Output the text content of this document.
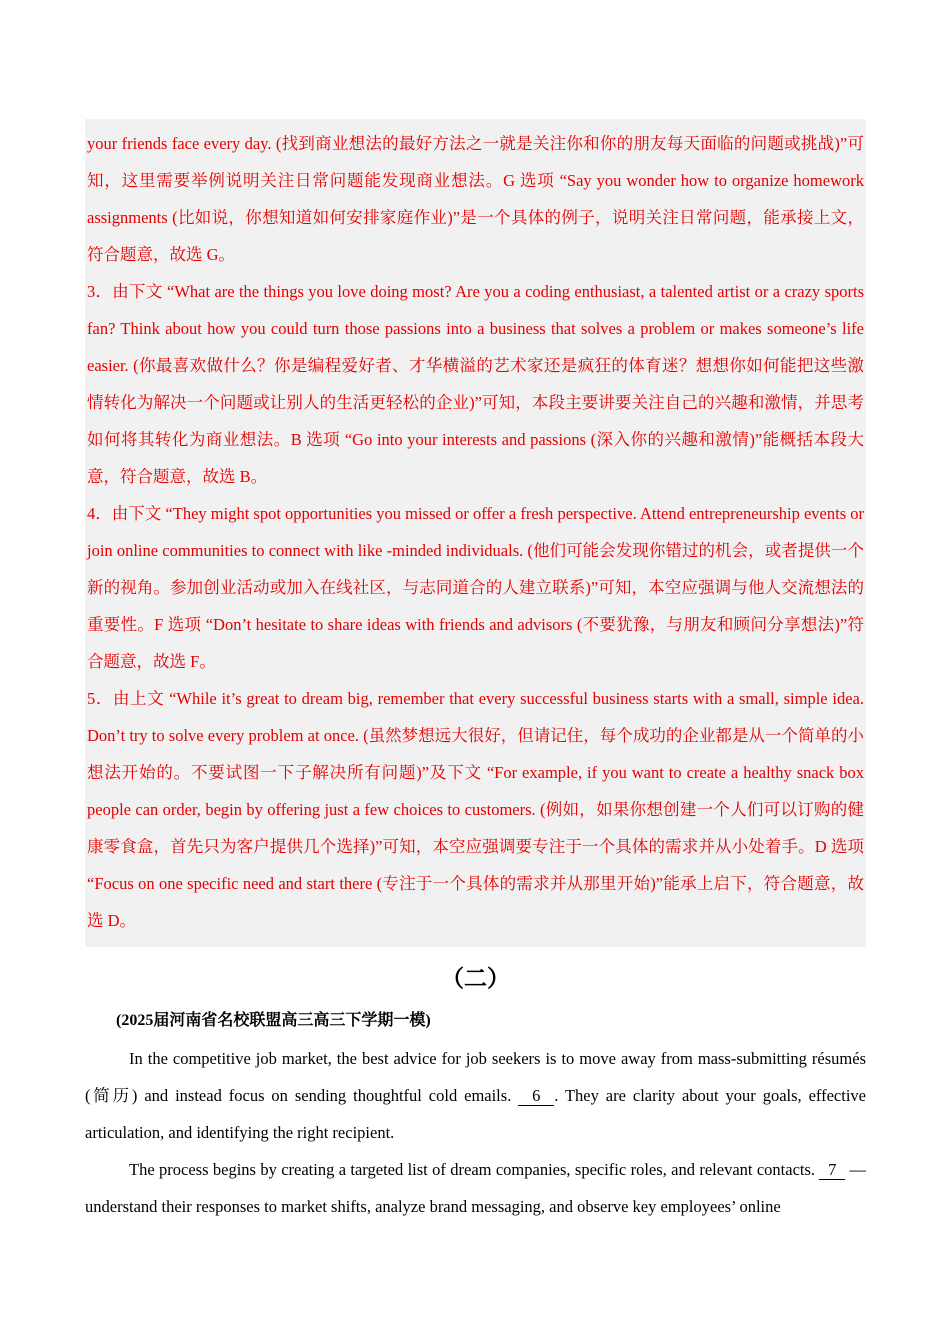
your friends face every day. (找到商业想法的最好方法之一就是关注你和你的朋友每天面临的问题或挑战)”可知，这里需要举例说明关注日常问题能发现商业想法。G 选项 “Say you wonder how to organize homework assignments (比如说，你想知道如何安排家庭作业)”是一个具体的例子，说明关注日常问题，能承接上文，符合题意，故选 G。

3．由下文 “What are the things you love doing most? Are you a coding enthusiast, a talented artist or a crazy sports fan? Think about how you could turn those passions into a business that solves a problem or makes someone’s life easier. (你最喜欢做什么？你是编程爱好者、才华横溢的艺术家还是疯狂的体育迷？想想你如何能把这些激情转化为解决一个问题或让别人的生活更轻松的企业)”可知，本段主要讲要关注自己的兴趣和激情，并思考如何将其转化为商业想法。B 选项 “Go into your interests and passions (深入你的兴趣和激情)”能概括本段大意，符合题意，故选 B。

4．由下文 “They might spot opportunities you missed or offer a fresh perspective. Attend entrepreneurship events or join online communities to connect with like -minded individuals. (他们可能会发现你错过的机会，或者提供一个新的视角。参加创业活动或加入在线社区，与志同道合的人建立联系)”可知，本空应强调与他人交流想法的重要性。F 选项 “Don’t hesitate to share ideas with friends and advisors (不要犹豫，与朋友和顾问分享想法)”符合题意，故选 F。

5．由上文 “While it’s great to dream big, remember that every successful business starts with a small, simple idea. Don’t try to solve every problem at once. (虽然梦想远大很好，但请记住，每个成功的企业都是从一个简单的小想法开始的。不要试图一下子解决所有问题)”及下文 “For example, if you want to create a healthy snack box people can order, begin by offering just a few choices to customers. (例如，如果你想创建一个人们可以订购的健康零食盒，首先只为客户提供几个选择)”可知，本空应强调要专注于一个具体的需求并从小处着手。D 选项 “Focus on one specific need and start there (专注于一个具体的需求并从那里开始)”能承上启下，符合题意，故选 D。

（二）

(2025届河南省名校联盟高三高三下学期一模)

In the competitive job market, the best advice for job seekers is to move away from mass-submitting résumés (简历) and instead focus on sending thoughtful cold emails.   6  . They are clarity about your goals, effective articulation, and identifying the right recipient.

The process begins by creating a targeted list of dream companies, specific roles, and relevant contacts.   7   — understand their responses to market shifts, analyze brand messaging, and observe key employees’ online
